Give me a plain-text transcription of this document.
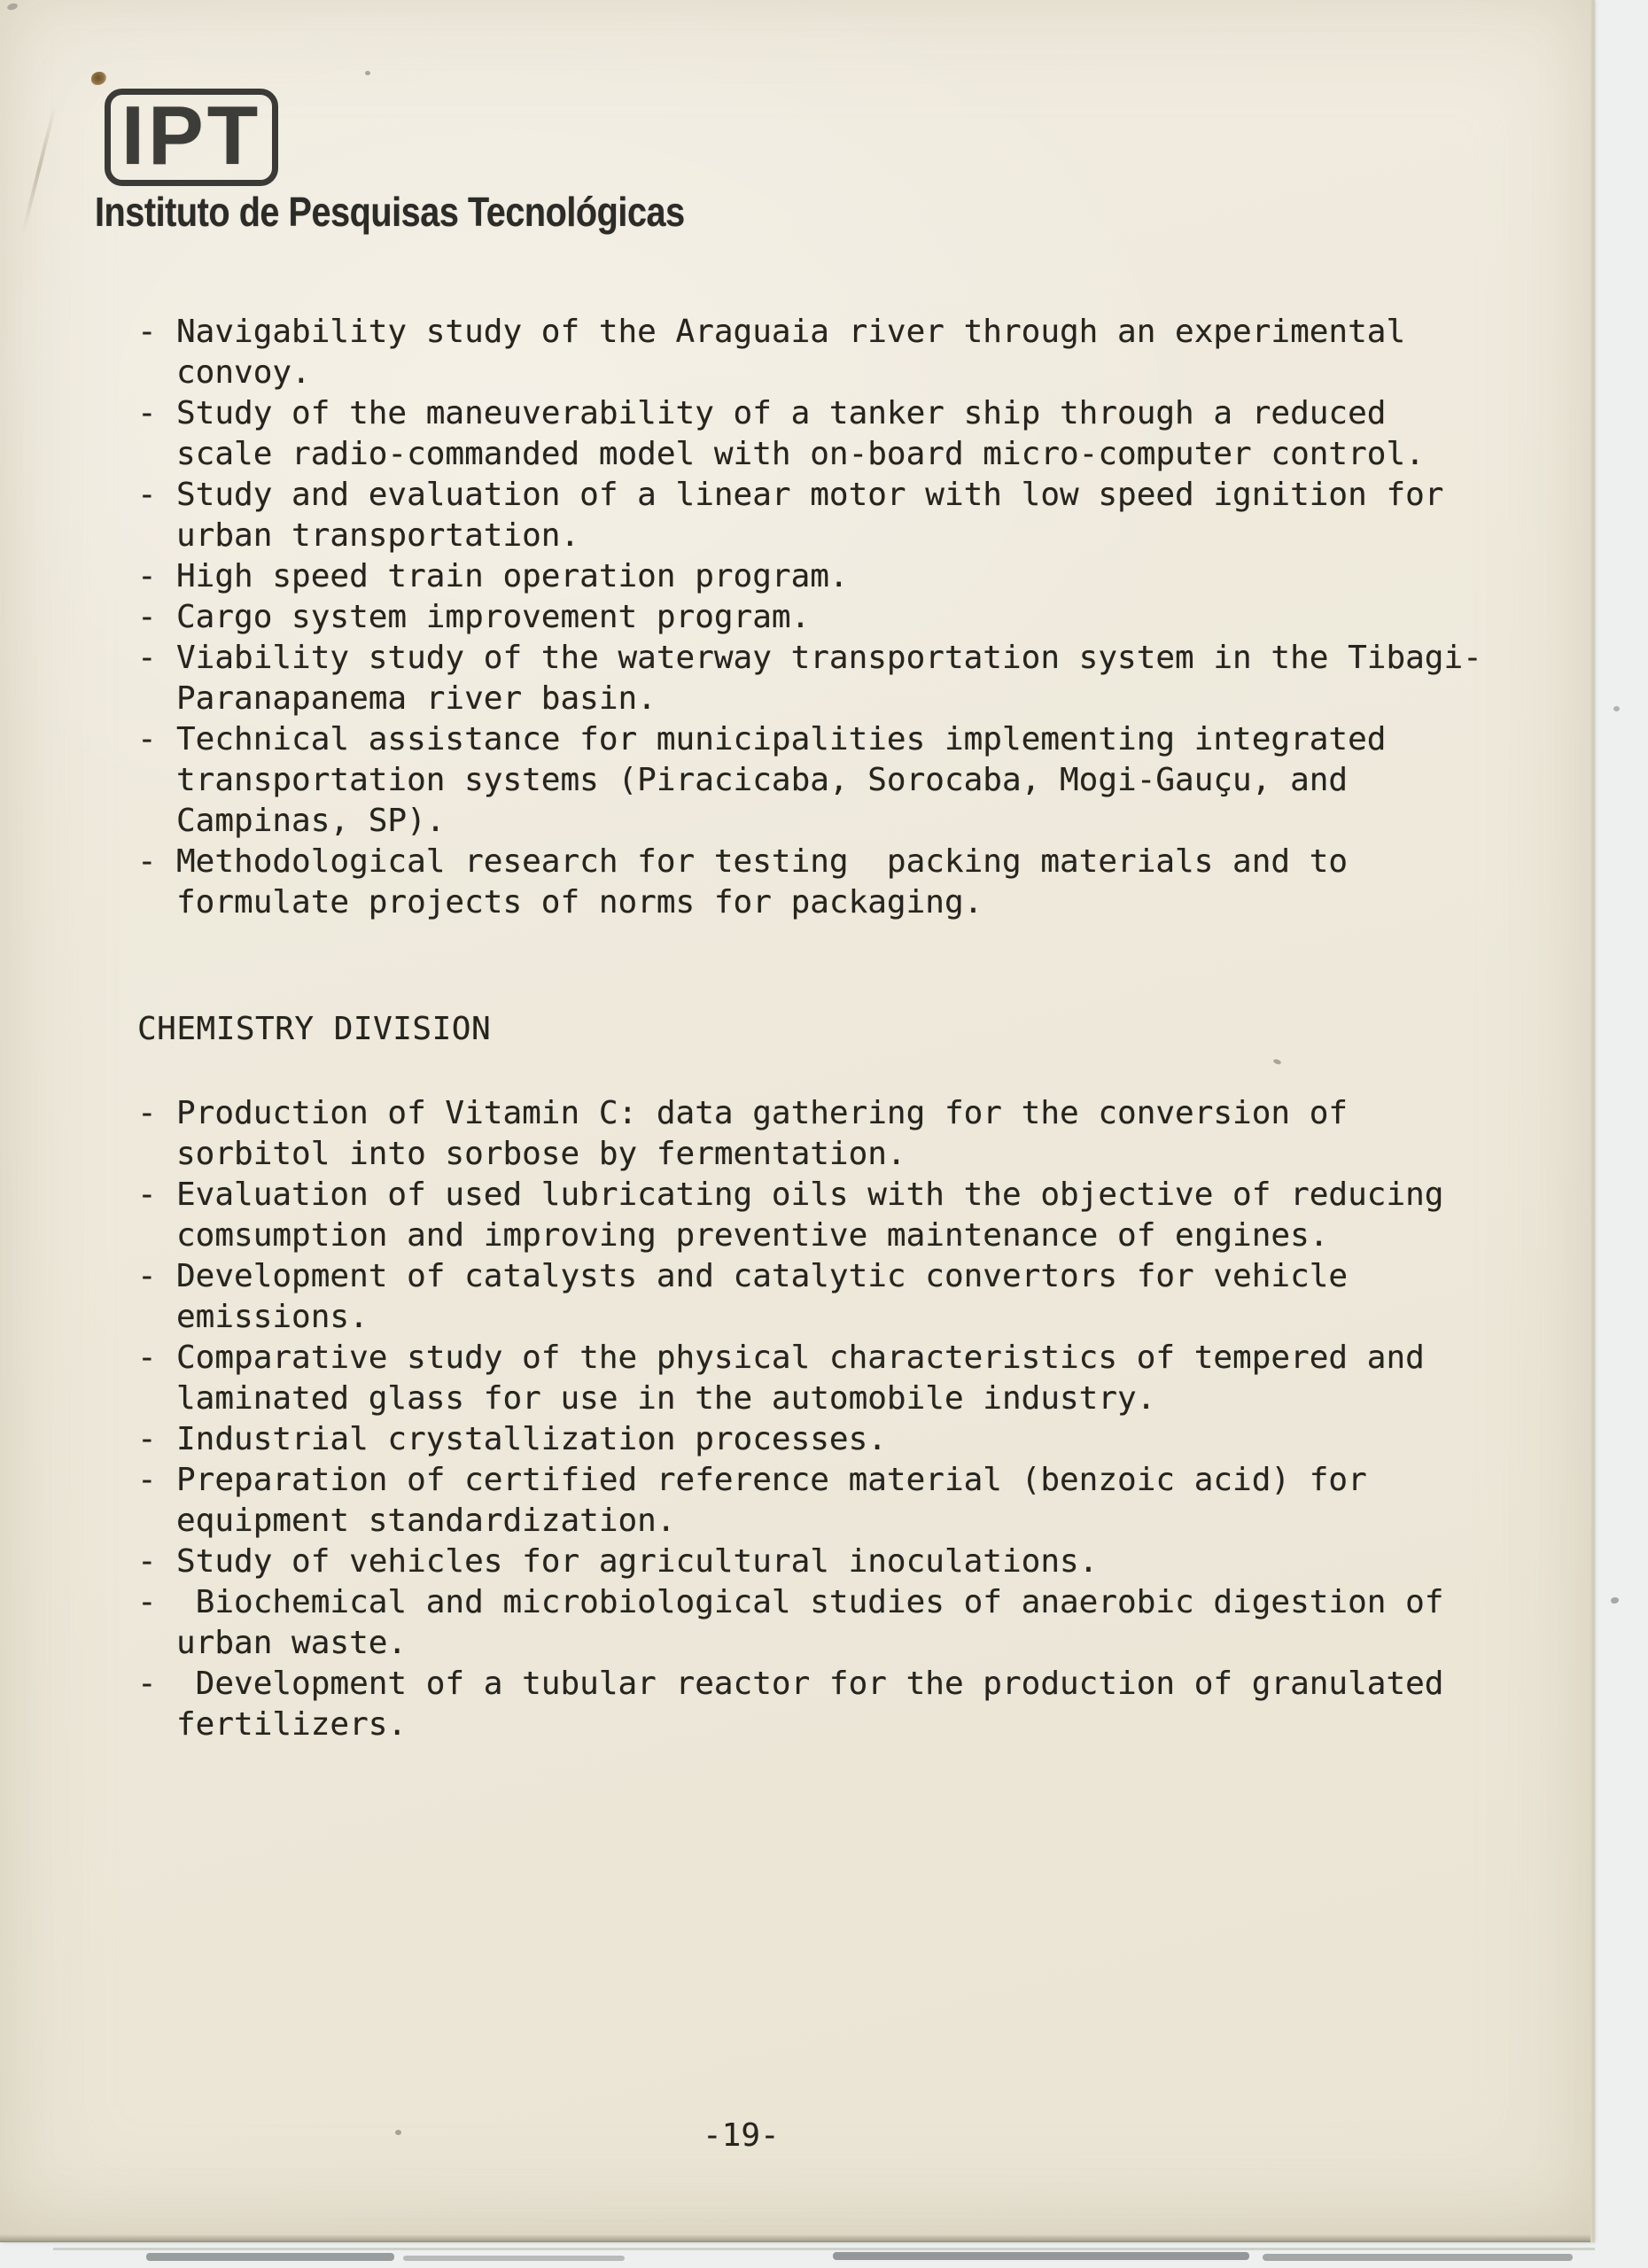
IPT
Instituto de Pesquisas Tecnológicas
- Navigability study of the Araguaia river through an experimental
convoy.
- Study of the maneuverability of a tanker ship through a reduced
scale radio-commanded model with on-board micro-computer control.
- Study and evaluation of a linear motor with low speed ignition for
urban transportation.
- High speed train operation program.
- Cargo system improvement program.
- Viability study of the waterway transportation system in the Tibagi-
Paranapanema river basin.
- Technical assistance for municipalities implementing integrated
transportation systems (Piracicaba, Sorocaba, Mogi-Gauçu, and
Campinas, SP).
- Methodological research for testing  packing materials and to
formulate projects of norms for packaging.
CHEMISTRY DIVISION
- Production of Vitamin C: data gathering for the conversion of
sorbitol into sorbose by fermentation.
- Evaluation of used lubricating oils with the objective of reducing
comsumption and improving preventive maintenance of engines.
- Development of catalysts and catalytic convertors for vehicle
emissions.
- Comparative study of the physical characteristics of tempered and
laminated glass for use in the automobile industry.
- Industrial crystallization processes.
- Preparation of certified reference material (benzoic acid) for
equipment standardization.
- Study of vehicles for agricultural inoculations.
- Biochemical and microbiological studies of anaerobic digestion of
urban waste.
- Development of a tubular reactor for the production of granulated
fertilizers.
-19-
